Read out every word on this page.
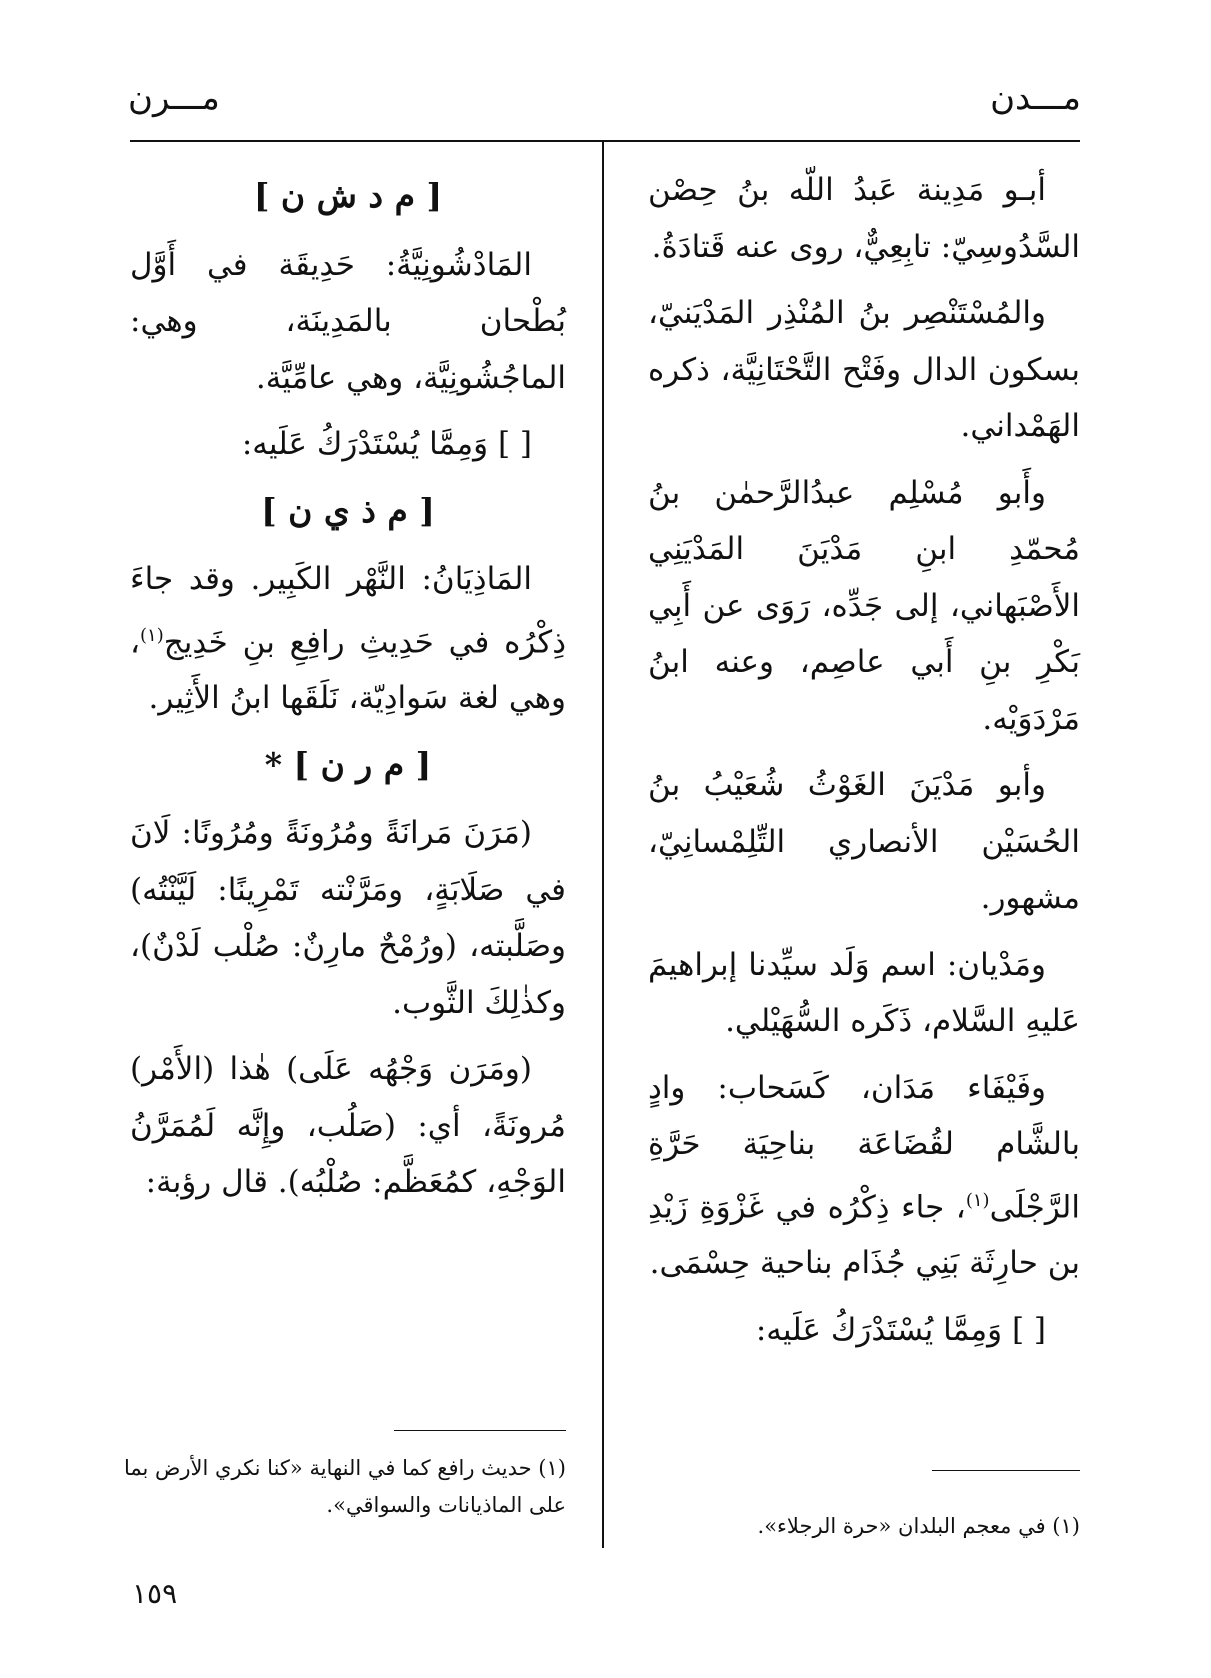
مـــرن	مـــدن

أبـو مَدِينة عَبدُ اللّه بنُ حِصْن السَّدُوسِيّ: تابِعِيٌّ، روى عنه قَتادَةُ.

والمُسْتَنْصِر بنُ المُنْذِر المَدْيَنيّ، بسكون الدال وفَتْح التَّحْتَانِيَّة، ذكره الهَمْداني.

وأَبو مُسْلِم عبدُالرَّحمٰن بنُ مُحمّدِ ابنِ مَدْيَنَ المَدْيَنِي الأَصْبَهاني، إلى جَدِّه، رَوَى عن أَبِي بَكْرِ بنِ أَبي عاصِم، وعنه ابنُ مَرْدَوَيْه.

وأبو مَدْيَنَ الغَوْثُ شُعَيْبُ بنُ الحُسَيْن الأنصاري التِّلِمْسانِيّ، مشهور.

ومَدْيان: اسم وَلَد سيِّدنا إبراهيمَ عَليهِ السَّلام، ذَكَره السُّهَيْلي.

وفَيْفَاء مَدَان، كَسَحاب: وادٍ بالشَّام لقُضَاعَة بناحِيَة حَرَّةِ الرَّجْلَى$^{(١)}$، جاء ذِكْرُه في غَزْوَةِ زَيْدِ بن حارِثَة بَنِي جُذَام بناحية حِسْمَى.

[ ] وَمِمَّا يُسْتَدْرَكُ عَلَيه:

[ م د ش ن ]

المَادْشُونِيَّةُ: حَدِيقَة في أَوَّل بُطْحان بالمَدِينَة، وهي: الماجُشُونِيَّة، وهي عامِّيَّة.

[ ] وَمِمَّا يُسْتَدْرَكُ عَلَيه:

[ م ذ ي ن ]

المَاذِيَانُ: النَّهْر الكَبِير. وقد جاءَ ذِكْرُه في حَدِيثِ رافِعِ بنِ خَدِيج$^{(١)}$، وهي لغة سَوادِيّة، نَلَقَها ابنُ الأَثِير.

[ م ر ن ] *

(مَرَنَ مَرانَةً ومُرُونَةً ومُرُونًا: لَانَ في صَلَابَةٍ، ومَرَّنْته تَمْرِينًا: لَيَّنْتُه) وصَلَّبته، (ورُمْحٌ مارِنٌ: صُلْب لَدْنٌ)، وكذٰلِكَ الثَّوب.

(ومَرَن وَجْهُه عَلَى) هٰذا (الأَمْر) مُرونَةً، أي: (صَلُب، وإِنَّه لَمُمَرَّنُ الوَجْهِ، كمُعَظَّم: صُلْبُه). قال رؤبة:

(١) في معجم البلدان «حرة الرجلاء».
(١) حديث رافع كما في النهاية «كنا نكري الأرض بما على الماذيانات والسواقي».
١٥٩
